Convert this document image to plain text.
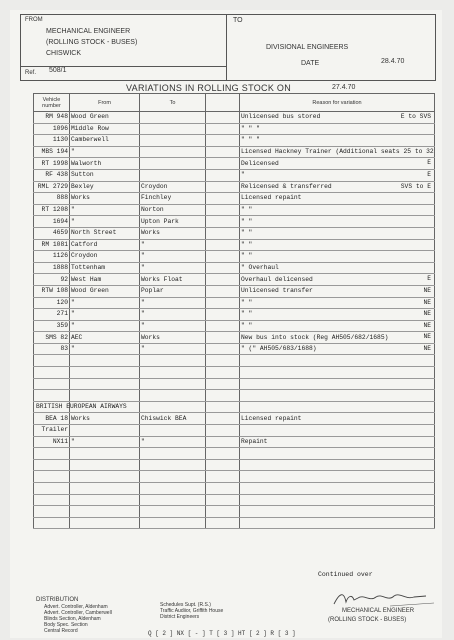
FROM
MECHANICAL ENGINEER
(ROLLING STOCK - BUSES)
CHISWICK
Ref. 508/1
TO
DIVISIONAL ENGINEERS
DATE	28.4.70
VARIATIONS IN ROLLING STOCK ON	27.4.70
Vehicle number	From	To		Reason for variation
RM 948	Wood Green			Unlicensed bus stored E to SVS

1096	Middle Row			" " "
1130	Camberwell			" " "
MBS 194	"			Licensed Hackney Trainer (Additional seats 25 to 32
RT 1998	Walworth			Delicensed E

RF 438	Sutton			" E

RML 2729	Bexley	Croydon		Relicensed & transferred SVS to E

888	Works	Finchley		Licensed repaint
RT 1208	"	Norton		" "
1694	"	Upton Park		" "
4659	North Street	Works		" "
RM 1081	Catford	"		" "
1126	Croydon	"		" "
1888	Tottenham	"		" Overhaul
92	West Ham	Works Float		Overhaul delicensed E

RTW 108	Wood Green	Poplar		Unlicensed transfer NE

120	"	"		" " NE

271	"	"		" " NE

359	"	"		" " NE

SMS 82	AEC	Works		New bus into stock (Reg AH505/682/1685) NE

83	"	"		" (" AH505/683/1688) NE

BRITISH EUROPEAN AIRWAYS				
BEA 18	Works	Chiswick BEA		Licensed repaint
Trailer				
NX11	"	"		Repaint

Continued over
DISTRIBUTION
Advert. Controller, Aldenham
Advert. Controller, Camberwell
Blinds Section, Aldenham
Body Spec. Section
Central Record
Schedules Supt. (R.S.)
Traffic Audiior, Griffith House
District Engineers
MECHANICAL ENGINEER
(ROLLING STOCK - BUSES)
Q [ 2 ] NX [ - ] T [ 3 ] HT [ 2 ] R [ 3 ]
